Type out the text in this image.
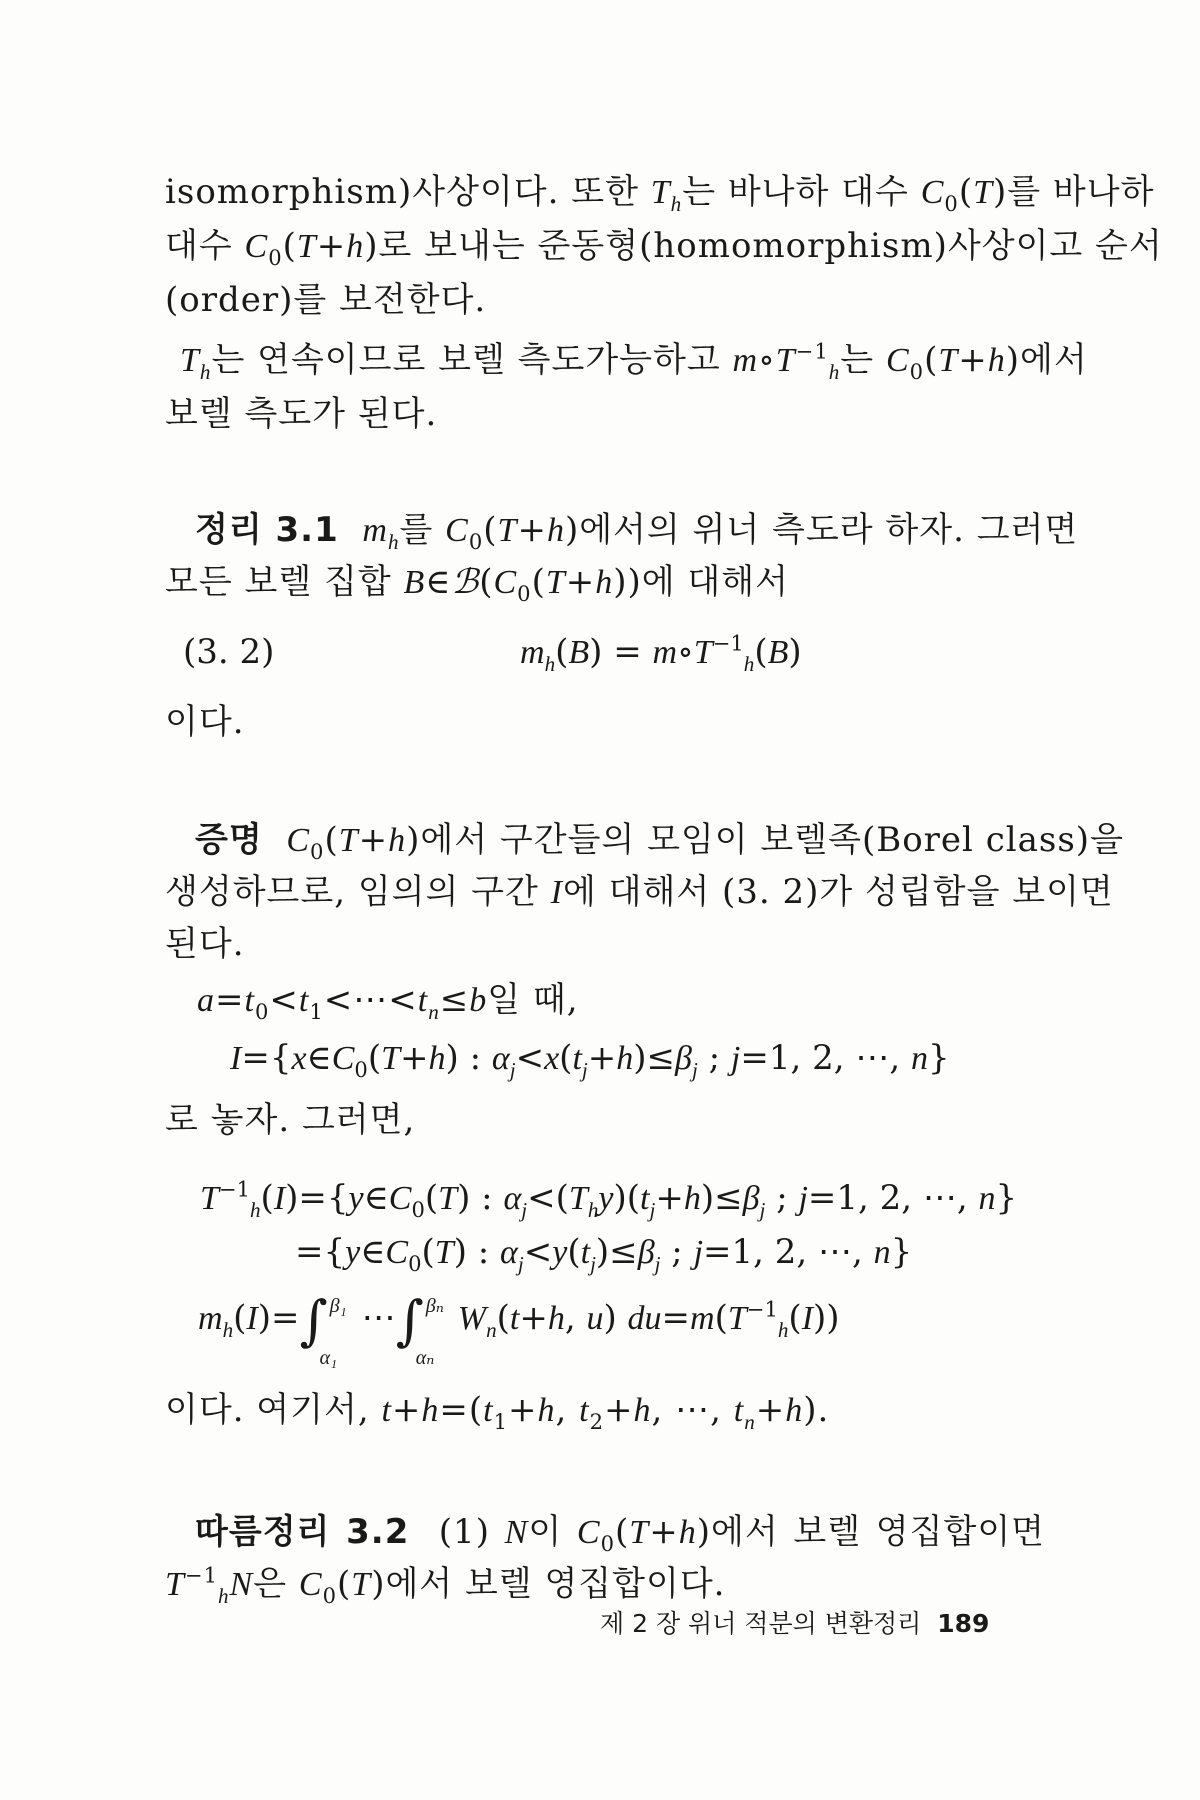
isomorphism)사상이다. 또한 $T_h$는 바나하 대수 $C_0(T)$를 바나하
대수 $C_0(T+h)$로 보내는 준동형(homomorphism)사상이고 순서
(order)를 보전한다.
$T_h$는 연속이므로 보렐 측도가능하고 $m\circ T^{-1}_h$는 $C_0(T+h)$에서
보렐 측도가 된다.
정리 3.1 $m_h$를 $C_0(T+h)$에서의 위너 측도라 하자. 그러면
모든 보렐 집합 $B\in ℬ(C_0(T+h))$에 대해서
(3. 2)	$m_h(B)$ = $m\circ T^{-1}_h(B)$
이다.
증명 $C_0(T+h)$에서 구간들의 모임이 보렐족(Borel class)을
생성하므로, 임의의 구간 I에 대해서 (3. 2)가 성립함을 보이면
된다.
$a=t_0<t_1<\cdots<t_n\le b$일 때,
$I=\{x\in C_0(T+h)$ : $\alpha_j<x(t_j+h)\le\beta_j$ ; j=1, 2, ⋯, n}
로 놓자. 그러면,
$T^{-1}_h(I)=\{y\in C_0(T)$ : $\alpha_j<(T_hy)(t_j+h)\le\beta_j$ ; j=1, 2, ⋯, n}
$=\{y\in C_0(T)$ : $\alpha_j<y(t_j)\le\beta_j$ ; j=1, 2, ⋯, n}
$m_h(I)=\int$ β₁
α₁
⋯∫ βₙ
αₙ
$W_n(t+h$, u) $du=m(T^{-1}_h(I))$
이다. 여기서, $t+h=(t_1+h$, $t_2+h$, ⋯, $t_n+h$).
따름정리 3.2 (1) N이 $C_0(T+h)$에서 보렐 영집합이면
$T^{-1}_hN$은 $C_0(T)$에서 보렐 영집합이다.
제 2 장 위너 적분의 변환정리 189
